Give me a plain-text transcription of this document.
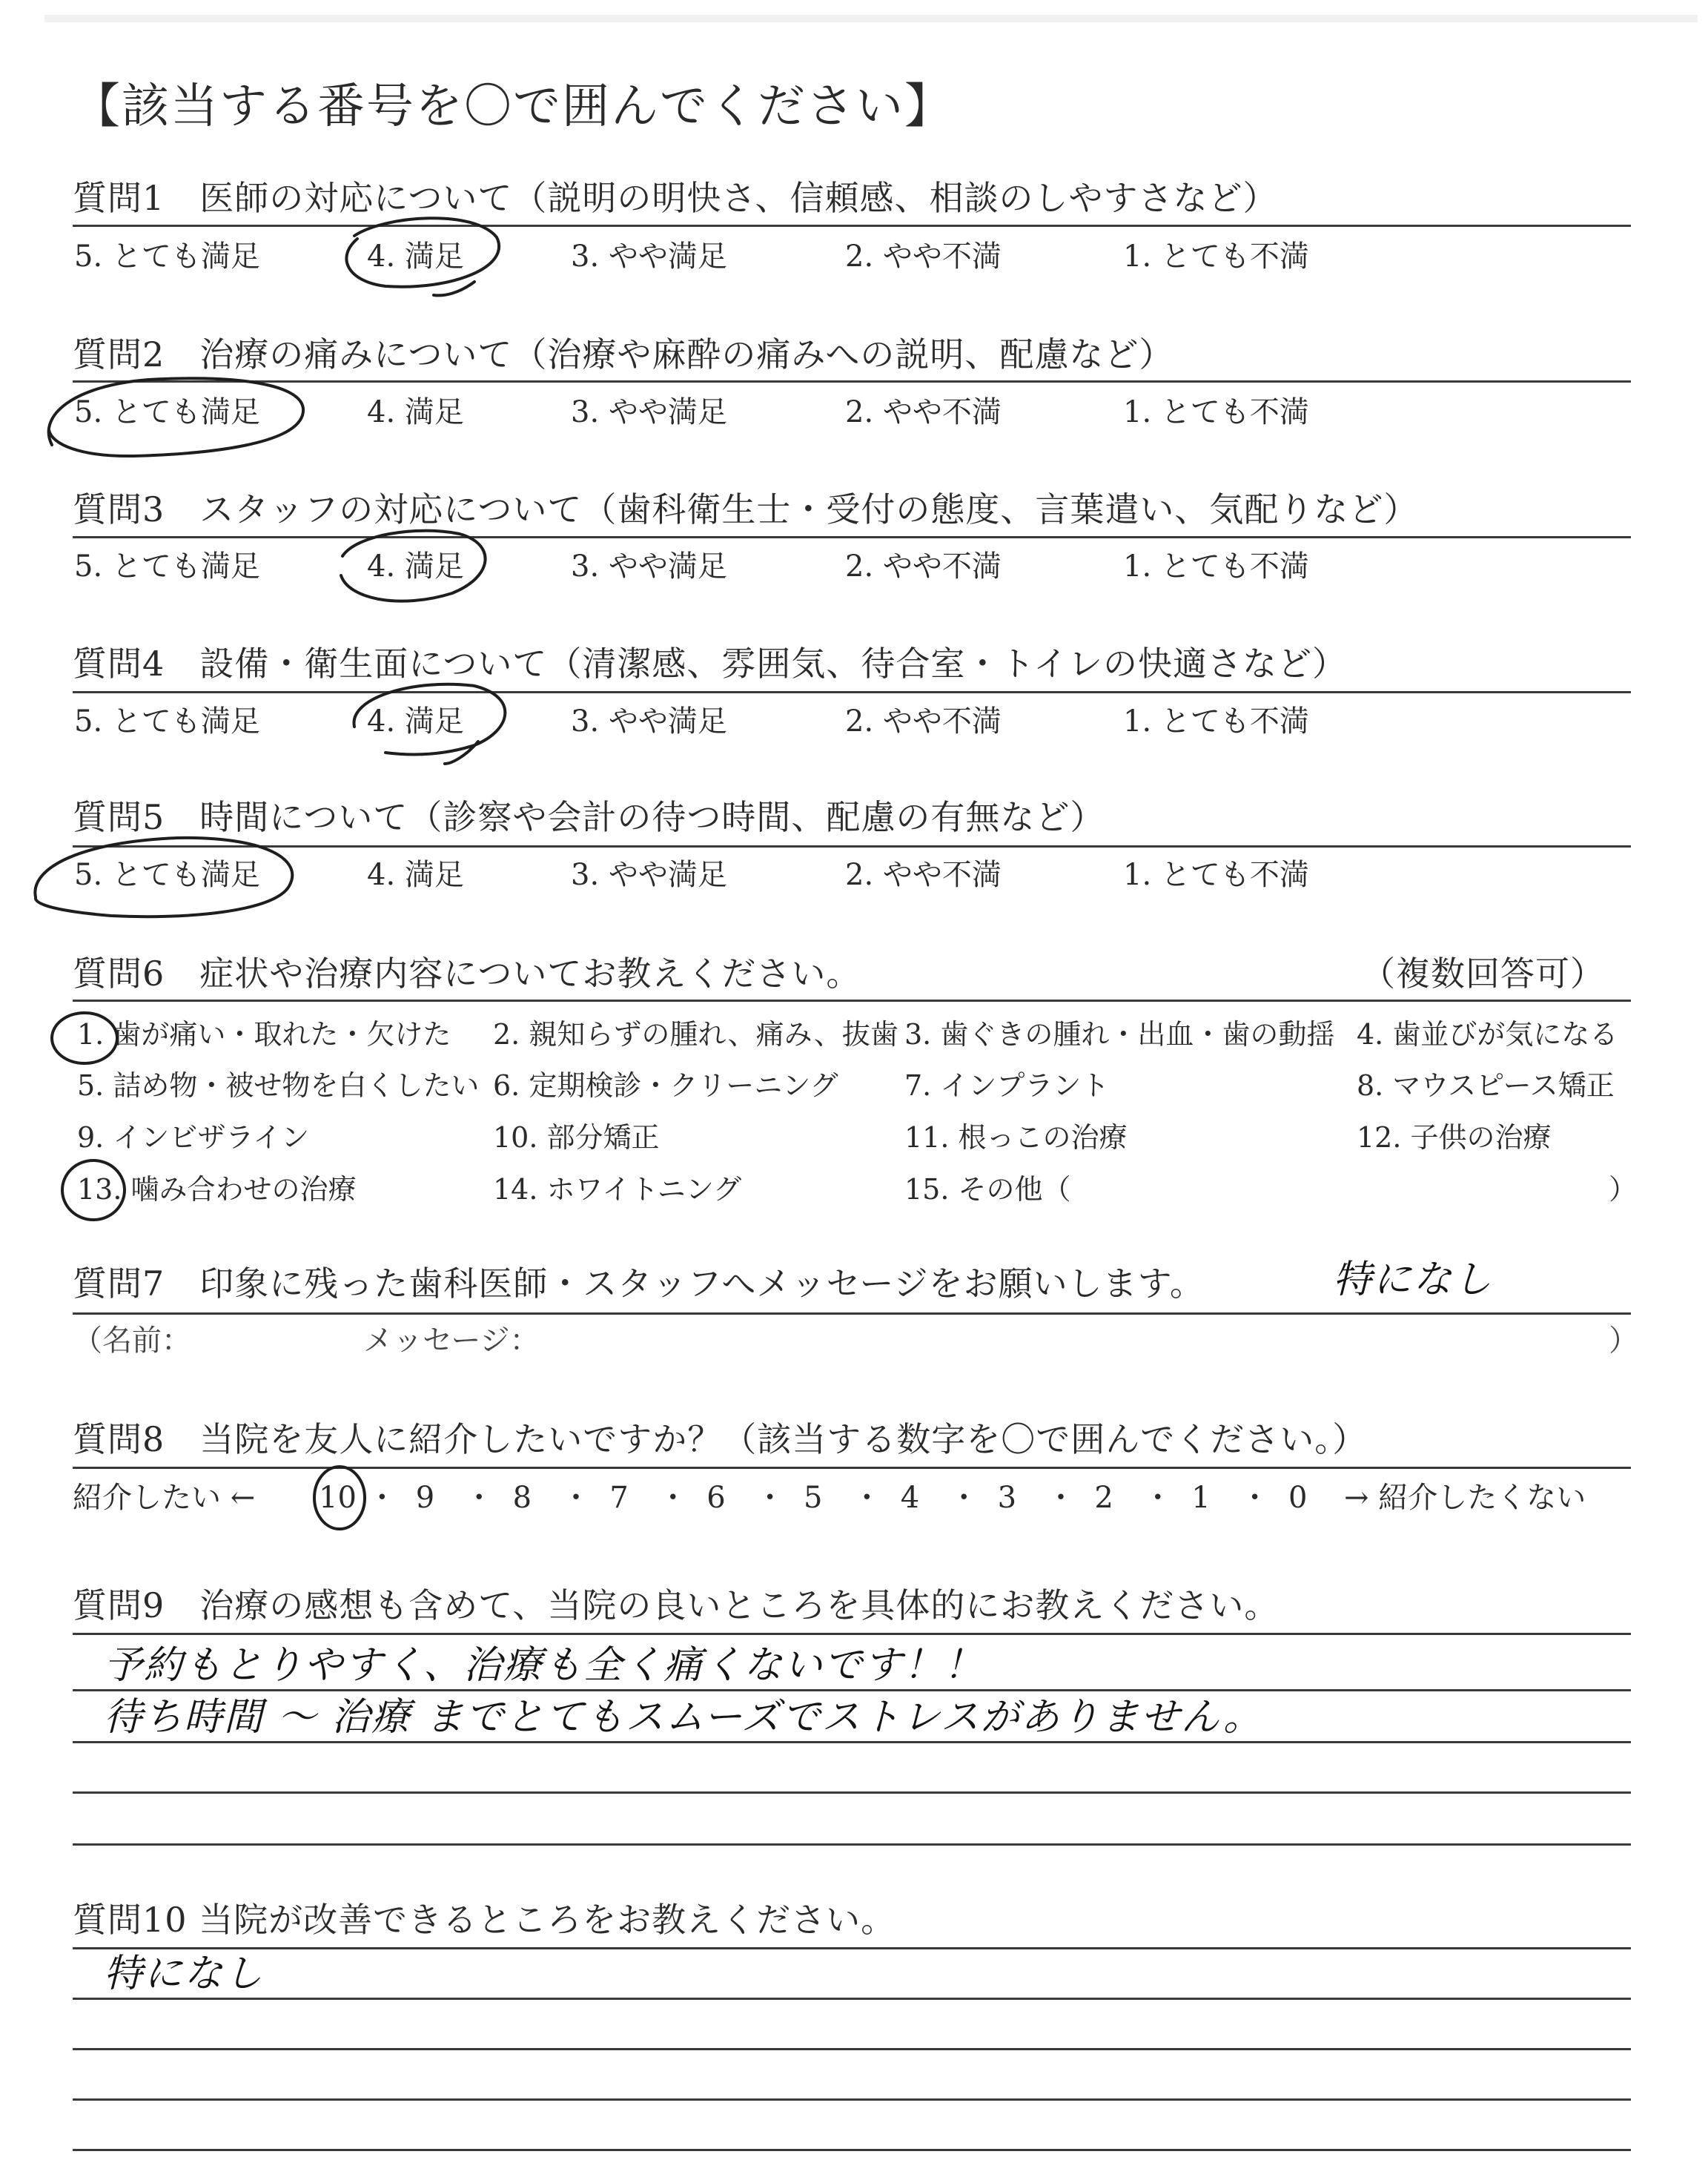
【該当する番号を〇で囲んでください】
質問1　医師の対応について（説明の明快さ、信頼感、相談のしやすさなど）
5. とても満足	4. 満足	3. やや満足	2. やや不満	1. とても不満
質問2　治療の痛みについて（治療や麻酔の痛みへの説明、配慮など）
5. とても満足	4. 満足	3. やや満足	2. やや不満	1. とても不満
質問3　スタッフの対応について（歯科衛生士・受付の態度、言葉遣い、気配りなど）
5. とても満足	4. 満足	3. やや満足	2. やや不満	1. とても不満
質問4　設備・衛生面について（清潔感、雰囲気、待合室・トイレの快適さなど）
5. とても満足	4. 満足	3. やや満足	2. やや不満	1. とても不満
質問5　時間について（診察や会計の待つ時間、配慮の有無など）
5. とても満足	4. 満足	3. やや満足	2. やや不満	1. とても不満
質問6　症状や治療内容についてお教えください。	（複数回答可）
1. 歯が痛い・取れた・欠けた 2. 親知らずの腫れ、痛み、抜歯 3. 歯ぐきの腫れ・出血・歯の動揺 4. 歯並びが気になる
5. 詰め物・被せ物を白くしたい 6. 定期検診・クリーニング 7. インプラント	8. マウスピース矯正
9. インビザライン	10. 部分矯正	11. 根っこの治療	12. 子供の治療
13. 噛み合わせの治療	14. ホワイトニング	15. その他（	）
質問7　印象に残った歯科医師・スタッフへメッセージをお願いします。	特になし
（名前：	メッセージ：	）
質問8　当院を友人に紹介したいですか？（該当する数字を〇で囲んでください。）
紹介したい ← 10 ・ 9 ・ 8 ・ 7 ・ 6 ・ 5 ・ 4 ・ 3 ・ 2 ・ 1 ・ 0 → 紹介したくない
質問9　治療の感想も含めて、当院の良いところを具体的にお教えください。
予約もとりやすく、治療も全く痛くないです！！
待ち時間 ～ 治療 までとてもスムーズでストレスがありません。
質問10 当院が改善できるところをお教えください。
特になし
